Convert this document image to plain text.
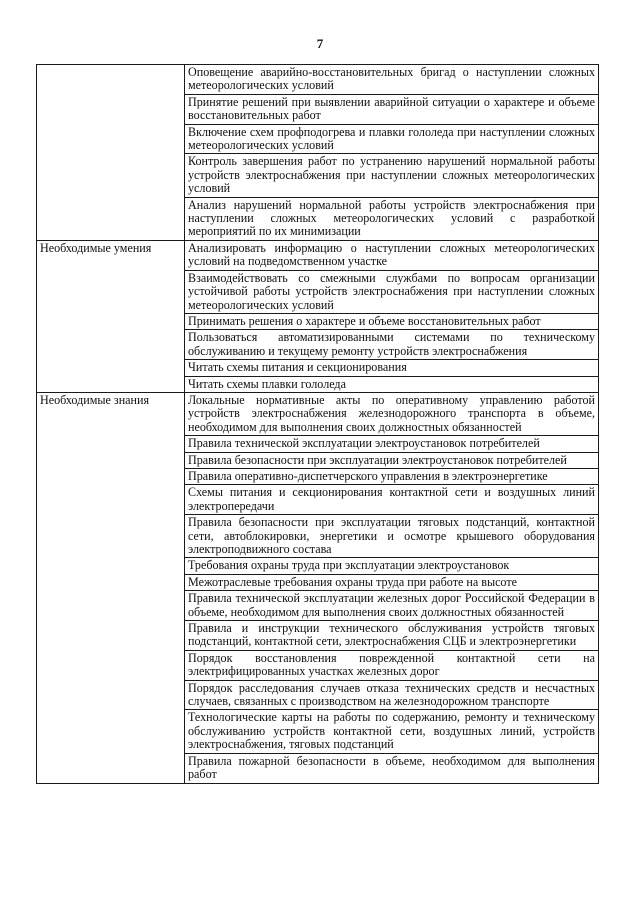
7
	Оповещение аварийно-восстановительных бригад о наступлении сложных метеорологических условий
	Принятие решений при выявлении аварийной ситуации о характере и объеме восстановительных работ
	Включение схем профподогрева и плавки гололеда при наступлении сложных метеорологических условий
	Контроль завершения работ по устранению нарушений нормальной работы устройств электроснабжения при наступлении сложных метеорологических условий
	Анализ нарушений нормальной работы устройств электроснабжения при наступлении сложных метеорологических условий с разработкой мероприятий по их минимизации
Необходимые умения	Анализировать информацию о наступлении сложных метеорологических условий на подведомственном участке
	Взаимодействовать со смежными службами по вопросам организации устойчивой работы устройств электроснабжения при наступлении сложных метеорологических условий
	Принимать решения о характере и объеме восстановительных работ
	Пользоваться автоматизированными системами по техническому обслуживанию и текущему ремонту устройств электроснабжения
	Читать схемы питания и секционирования
	Читать схемы плавки гололеда
Необходимые знания	Локальные нормативные акты по оперативному управлению работой устройств электроснабжения железнодорожного транспорта в объеме, необходимом для выполнения своих должностных обязанностей
	Правила технической эксплуатации электроустановок потребителей
	Правила безопасности при эксплуатации электроустановок потребителей
	Правила оперативно-диспетчерского управления в электроэнергетике
	Схемы питания и секционирования контактной сети и воздушных линий электропередачи
	Правила безопасности при эксплуатации тяговых подстанций, контактной сети, автоблокировки, энергетики и осмотре крышевого оборудования электроподвижного состава
	Требования охраны труда при эксплуатации электроустановок
	Межотраслевые требования охраны труда при работе на высоте
	Правила технической эксплуатации железных дорог Российской Федерации в объеме, необходимом для выполнения своих должностных обязанностей
	Правила и инструкции технического обслуживания устройств тяговых подстанций, контактной сети, электроснабжения СЦБ и электроэнергетики
	Порядок восстановления поврежденной контактной сети на электрифицированных участках железных дорог
	Порядок расследования случаев отказа технических средств и несчастных случаев, связанных с производством на железнодорожном транспорте
	Технологические карты на работы по содержанию, ремонту и техническому обслуживанию устройств контактной сети, воздушных линий, устройств электроснабжения, тяговых подстанций
	Правила пожарной безопасности в объеме, необходимом для выполнения работ
